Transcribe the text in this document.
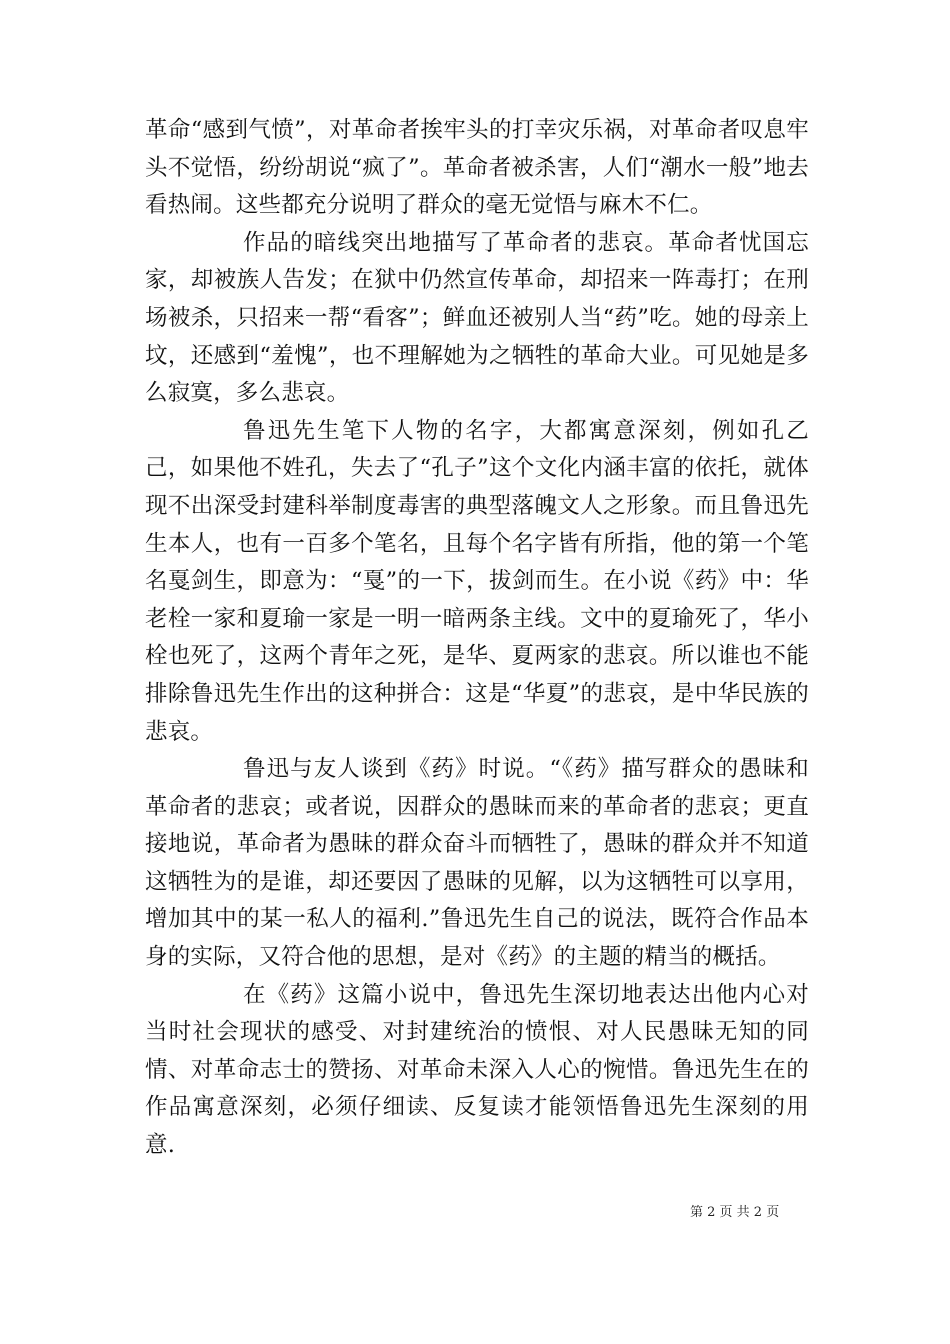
革命“感到气愤”，对革命者挨牢头的打幸灾乐祸，对革命者叹息牢头不觉悟，纷纷胡说“疯了”。革命者被杀害，人们“潮水一般”地去看热闹。这些都充分说明了群众的毫无觉悟与麻木不仁。

作品的暗线突出地描写了革命者的悲哀。革命者忧国忘家，却被族人告发；在狱中仍然宣传革命，却招来一阵毒打；在刑场被杀，只招来一帮“看客”；鲜血还被别人当“药”吃。她的母亲上坟，还感到“羞愧”，也不理解她为之牺牲的革命大业。可见她是多么寂寞，多么悲哀。

鲁迅先生笔下人物的名字，大都寓意深刻，例如孔乙己，如果他不姓孔，失去了“孔子”这个文化内涵丰富的依托，就体现不出深受封建科举制度毒害的典型落魄文人之形象。而且鲁迅先生本人，也有一百多个笔名，且每个名字皆有所指，他的第一个笔名戛剑生，即意为：“戛”的一下，拔剑而生。在小说《药》中：华老栓一家和夏瑜一家是一明一暗两条主线。文中的夏瑜死了，华小栓也死了，这两个青年之死，是华、夏两家的悲哀。所以谁也不能排除鲁迅先生作出的这种拼合：这是“华夏”的悲哀，是中华民族的悲哀。

鲁迅与友人谈到《药》时说。“《药》描写群众的愚昧和革命者的悲哀；或者说，因群众的愚昧而来的革命者的悲哀；更直接地说，革命者为愚昧的群众奋斗而牺牲了，愚昧的群众并不知道这牺牲为的是谁，却还要因了愚昧的见解，以为这牺牲可以享用，增加其中的某一私人的福利.”鲁迅先生自己的说法，既符合作品本身的实际，又符合他的思想，是对《药》的主题的精当的概括。

在《药》这篇小说中，鲁迅先生深切地表达出他内心对当时社会现状的感受、对封建统治的愤恨、对人民愚昧无知的同情、对革命志士的赞扬、对革命未深入人心的惋惜。鲁迅先生在的作品寓意深刻，必须仔细读、反复读才能领悟鲁迅先生深刻的用意.

第 2 页 共 2 页
